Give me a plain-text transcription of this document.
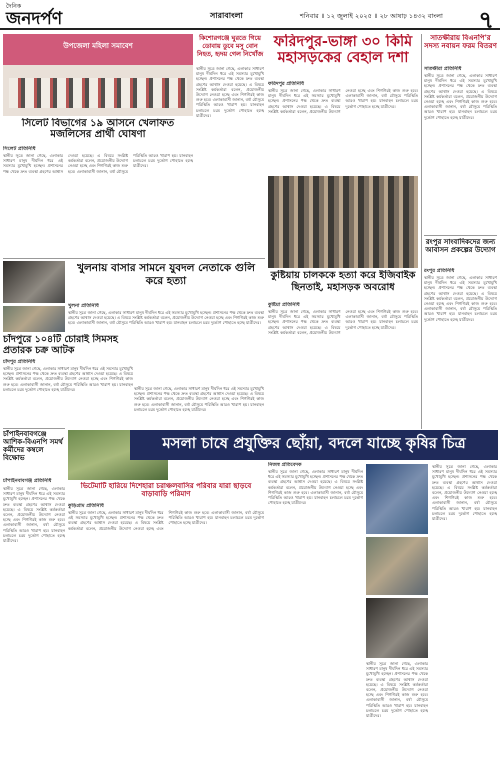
দৈনিক
জনদর্পণ	সারাবাংলা	শনিবার ॥ ১২ জুলাই ২০২৫ ॥ ২৮ আষাঢ় ১৪৩২ বাংলা ৭
উপজেলা মহিলা সমাবেশ
সিলেট বিভাগের ১৯ আসনে খেলাফত মজলিসের প্রার্থী ঘোষণা
সিলেট প্রতিনিধি
স্থানীয় সূত্রে জানা গেছে, এলাকার সাধারণ মানুষ দীর্ঘদিন ধরে এই সমস্যার মুখোমুখি হচ্ছেন। প্রশাসনের পক্ষ থেকে দ্রুত ব্যবস্থা গ্রহণের আশ্বাস দেওয়া হয়েছে। এ বিষয়ে সংশ্লিষ্ট কর্মকর্তারা বলেন, প্রয়োজনীয় উদ্যোগ নেওয়া হচ্ছে এবং শিগগিরই কাজ শুরু হবে। এলাকাবাসী জানান, বর্ষা মৌসুমে পরিস্থিতি আরও খারাপ হয়। যানবাহন চলাচলে চরম দুর্ভোগ পোহাতে হচ্ছে যাত্রীদের।
কিশোরগঞ্জে ঘুরতে গিয়ে ডোবায় ডুবে মসু বোন নিহত, হৃদয় গেল নিখোঁজ
স্থানীয় সূত্রে জানা গেছে, এলাকার সাধারণ মানুষ দীর্ঘদিন ধরে এই সমস্যার মুখোমুখি হচ্ছেন। প্রশাসনের পক্ষ থেকে দ্রুত ব্যবস্থা গ্রহণের আশ্বাস দেওয়া হয়েছে। এ বিষয়ে সংশ্লিষ্ট কর্মকর্তারা বলেন, প্রয়োজনীয় উদ্যোগ নেওয়া হচ্ছে এবং শিগগিরই কাজ শুরু হবে। এলাকাবাসী জানান, বর্ষা মৌসুমে পরিস্থিতি আরও খারাপ হয়। যানবাহন চলাচলে চরম দুর্ভোগ পোহাতে হচ্ছে যাত্রীদের।
খুলনায় বাসার সামনে যুবদল নেতাকে গুলি করে হত্যা
খুলনা প্রতিনিধি
স্থানীয় সূত্রে জানা গেছে, এলাকার সাধারণ মানুষ দীর্ঘদিন ধরে এই সমস্যার মুখোমুখি হচ্ছেন। প্রশাসনের পক্ষ থেকে দ্রুত ব্যবস্থা গ্রহণের আশ্বাস দেওয়া হয়েছে। এ বিষয়ে সংশ্লিষ্ট কর্মকর্তারা বলেন, প্রয়োজনীয় উদ্যোগ নেওয়া হচ্ছে এবং শিগগিরই কাজ শুরু হবে। এলাকাবাসী জানান, বর্ষা মৌসুমে পরিস্থিতি আরও খারাপ হয়। যানবাহন চলাচলে চরম দুর্ভোগ পোহাতে হচ্ছে যাত্রীদের।
চাঁদপুরে ১০৪টি চোরাই সিমসহ প্রতারক চক্র আটক
চাঁদপুর প্রতিনিধি
স্থানীয় সূত্রে জানা গেছে, এলাকার সাধারণ মানুষ দীর্ঘদিন ধরে এই সমস্যার মুখোমুখি হচ্ছেন। প্রশাসনের পক্ষ থেকে দ্রুত ব্যবস্থা গ্রহণের আশ্বাস দেওয়া হয়েছে। এ বিষয়ে সংশ্লিষ্ট কর্মকর্তারা বলেন, প্রয়োজনীয় উদ্যোগ নেওয়া হচ্ছে এবং শিগগিরই কাজ শুরু হবে। এলাকাবাসী জানান, বর্ষা মৌসুমে পরিস্থিতি আরও খারাপ হয়। যানবাহন চলাচলে চরম দুর্ভোগ পোহাতে হচ্ছে যাত্রীদের।
চাঁপাইনবাবগঞ্জে আশিক-বিএনপি সমর্থ কর্মীদের কম্বলে বিক্ষোভ
চাঁপাইনবাবগঞ্জ প্রতিনিধি
স্থানীয় সূত্রে জানা গেছে, এলাকার সাধারণ মানুষ দীর্ঘদিন ধরে এই সমস্যার মুখোমুখি হচ্ছেন। প্রশাসনের পক্ষ থেকে দ্রুত ব্যবস্থা গ্রহণের আশ্বাস দেওয়া হয়েছে। এ বিষয়ে সংশ্লিষ্ট কর্মকর্তারা বলেন, প্রয়োজনীয় উদ্যোগ নেওয়া হচ্ছে এবং শিগগিরই কাজ শুরু হবে। এলাকাবাসী জানান, বর্ষা মৌসুমে পরিস্থিতি আরও খারাপ হয়। যানবাহন চলাচলে চরম দুর্ভোগ পোহাতে হচ্ছে যাত্রীদের।
ভিটেমাটি হারিয়ে দিশেহারা চরাঞ্চলবাসির পরিবার যারা ছাড়বে বাড়াবাড়ি পরিমাণ
কুড়িগ্রাম প্রতিনিধি
স্থানীয় সূত্রে জানা গেছে, এলাকার সাধারণ মানুষ দীর্ঘদিন ধরে এই সমস্যার মুখোমুখি হচ্ছেন। প্রশাসনের পক্ষ থেকে দ্রুত ব্যবস্থা গ্রহণের আশ্বাস দেওয়া হয়েছে। এ বিষয়ে সংশ্লিষ্ট কর্মকর্তারা বলেন, প্রয়োজনীয় উদ্যোগ নেওয়া হচ্ছে এবং শিগগিরই কাজ শুরু হবে। এলাকাবাসী জানান, বর্ষা মৌসুমে পরিস্থিতি আরও খারাপ হয়। যানবাহন চলাচলে চরম দুর্ভোগ পোহাতে হচ্ছে যাত্রীদের।
স্থানীয় সূত্রে জানা গেছে, এলাকার সাধারণ মানুষ দীর্ঘদিন ধরে এই সমস্যার মুখোমুখি হচ্ছেন। প্রশাসনের পক্ষ থেকে দ্রুত ব্যবস্থা গ্রহণের আশ্বাস দেওয়া হয়েছে। এ বিষয়ে সংশ্লিষ্ট কর্মকর্তারা বলেন, প্রয়োজনীয় উদ্যোগ নেওয়া হচ্ছে এবং শিগগিরই কাজ শুরু হবে। এলাকাবাসী জানান, বর্ষা মৌসুমে পরিস্থিতি আরও খারাপ হয়। যানবাহন চলাচলে চরম দুর্ভোগ পোহাতে হচ্ছে যাত্রীদের।
ফরিদপুর-ভাঙ্গা ৩০ কিমি মহাসড়কের বেহাল দশা
ফরিদপুর প্রতিনিধি
স্থানীয় সূত্রে জানা গেছে, এলাকার সাধারণ মানুষ দীর্ঘদিন ধরে এই সমস্যার মুখোমুখি হচ্ছেন। প্রশাসনের পক্ষ থেকে দ্রুত ব্যবস্থা গ্রহণের আশ্বাস দেওয়া হয়েছে। এ বিষয়ে সংশ্লিষ্ট কর্মকর্তারা বলেন, প্রয়োজনীয় উদ্যোগ নেওয়া হচ্ছে এবং শিগগিরই কাজ শুরু হবে। এলাকাবাসী জানান, বর্ষা মৌসুমে পরিস্থিতি আরও খারাপ হয়। যানবাহন চলাচলে চরম দুর্ভোগ পোহাতে হচ্ছে যাত্রীদের।
কুষ্টিয়ায় চালককে হত্যা করে ইজিবাইক ছিনতাই, মহাসড়ক অবরোধ
কুষ্টিয়া প্রতিনিধি
স্থানীয় সূত্রে জানা গেছে, এলাকার সাধারণ মানুষ দীর্ঘদিন ধরে এই সমস্যার মুখোমুখি হচ্ছেন। প্রশাসনের পক্ষ থেকে দ্রুত ব্যবস্থা গ্রহণের আশ্বাস দেওয়া হয়েছে। এ বিষয়ে সংশ্লিষ্ট কর্মকর্তারা বলেন, প্রয়োজনীয় উদ্যোগ নেওয়া হচ্ছে এবং শিগগিরই কাজ শুরু হবে। এলাকাবাসী জানান, বর্ষা মৌসুমে পরিস্থিতি আরও খারাপ হয়। যানবাহন চলাচলে চরম দুর্ভোগ পোহাতে হচ্ছে যাত্রীদের।
সাতক্ষীরায় বিএনপি'র সদস্য নবায়ন ফরম বিতরণ
সাতক্ষীরা প্রতিনিধি
স্থানীয় সূত্রে জানা গেছে, এলাকার সাধারণ মানুষ দীর্ঘদিন ধরে এই সমস্যার মুখোমুখি হচ্ছেন। প্রশাসনের পক্ষ থেকে দ্রুত ব্যবস্থা গ্রহণের আশ্বাস দেওয়া হয়েছে। এ বিষয়ে সংশ্লিষ্ট কর্মকর্তারা বলেন, প্রয়োজনীয় উদ্যোগ নেওয়া হচ্ছে এবং শিগগিরই কাজ শুরু হবে। এলাকাবাসী জানান, বর্ষা মৌসুমে পরিস্থিতি আরও খারাপ হয়। যানবাহন চলাচলে চরম দুর্ভোগ পোহাতে হচ্ছে যাত্রীদের।
রংপুর সাংবাদিকদের জন্য আবাসন প্রকল্পের উদ্যোগ
রংপুর প্রতিনিধি
স্থানীয় সূত্রে জানা গেছে, এলাকার সাধারণ মানুষ দীর্ঘদিন ধরে এই সমস্যার মুখোমুখি হচ্ছেন। প্রশাসনের পক্ষ থেকে দ্রুত ব্যবস্থা গ্রহণের আশ্বাস দেওয়া হয়েছে। এ বিষয়ে সংশ্লিষ্ট কর্মকর্তারা বলেন, প্রয়োজনীয় উদ্যোগ নেওয়া হচ্ছে এবং শিগগিরই কাজ শুরু হবে। এলাকাবাসী জানান, বর্ষা মৌসুমে পরিস্থিতি আরও খারাপ হয়। যানবাহন চলাচলে চরম দুর্ভোগ পোহাতে হচ্ছে যাত্রীদের।
মসলা চাষে প্রযুক্তির ছোঁয়া, বদলে যাচ্ছে কৃষির চিত্র
নিজস্ব প্রতিবেদক
স্থানীয় সূত্রে জানা গেছে, এলাকার সাধারণ মানুষ দীর্ঘদিন ধরে এই সমস্যার মুখোমুখি হচ্ছেন। প্রশাসনের পক্ষ থেকে দ্রুত ব্যবস্থা গ্রহণের আশ্বাস দেওয়া হয়েছে। এ বিষয়ে সংশ্লিষ্ট কর্মকর্তারা বলেন, প্রয়োজনীয় উদ্যোগ নেওয়া হচ্ছে এবং শিগগিরই কাজ শুরু হবে। এলাকাবাসী জানান, বর্ষা মৌসুমে পরিস্থিতি আরও খারাপ হয়। যানবাহন চলাচলে চরম দুর্ভোগ পোহাতে হচ্ছে যাত্রীদের।
স্থানীয় সূত্রে জানা গেছে, এলাকার সাধারণ মানুষ দীর্ঘদিন ধরে এই সমস্যার মুখোমুখি হচ্ছেন। প্রশাসনের পক্ষ থেকে দ্রুত ব্যবস্থা গ্রহণের আশ্বাস দেওয়া হয়েছে। এ বিষয়ে সংশ্লিষ্ট কর্মকর্তারা বলেন, প্রয়োজনীয় উদ্যোগ নেওয়া হচ্ছে এবং শিগগিরই কাজ শুরু হবে। এলাকাবাসী জানান, বর্ষা মৌসুমে পরিস্থিতি আরও খারাপ হয়। যানবাহন চলাচলে চরম দুর্ভোগ পোহাতে হচ্ছে যাত্রীদের।
স্থানীয় সূত্রে জানা গেছে, এলাকার সাধারণ মানুষ দীর্ঘদিন ধরে এই সমস্যার মুখোমুখি হচ্ছেন। প্রশাসনের পক্ষ থেকে দ্রুত ব্যবস্থা গ্রহণের আশ্বাস দেওয়া হয়েছে। এ বিষয়ে সংশ্লিষ্ট কর্মকর্তারা বলেন, প্রয়োজনীয় উদ্যোগ নেওয়া হচ্ছে এবং শিগগিরই কাজ শুরু হবে। এলাকাবাসী জানান, বর্ষা মৌসুমে পরিস্থিতি আরও খারাপ হয়। যানবাহন চলাচলে চরম দুর্ভোগ পোহাতে হচ্ছে যাত্রীদের।
